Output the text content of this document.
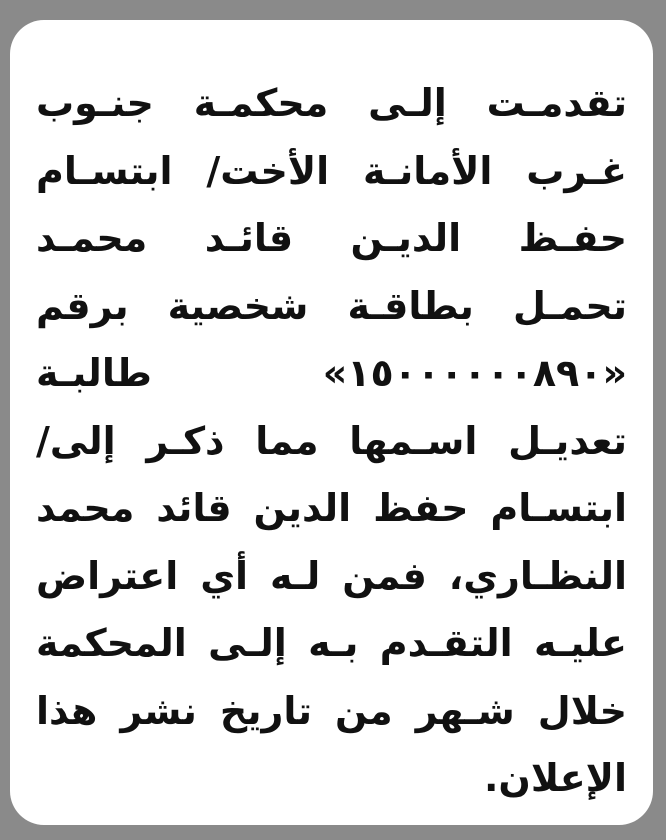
تقدمـت إلـى محكمـة جنـوب
غـرب الأمانـة الأخت/ ابتسـام
حفـظ الديـن قائـد محمـد
تحمـل بطاقـة شخصية برقم
«١٥٠٠٠٠٠٠٨٩٠» طالبـة
تعديـل اسـمها مما ذكـر إلى/
ابتسـام حفظ الدين قائد محمد
النظـاري، فمن لـه أي اعتراض
عليـه التقـدم بـه إلـى المحكمة
خلال شـهر من تاريخ نشر هذا
الإعلان.
